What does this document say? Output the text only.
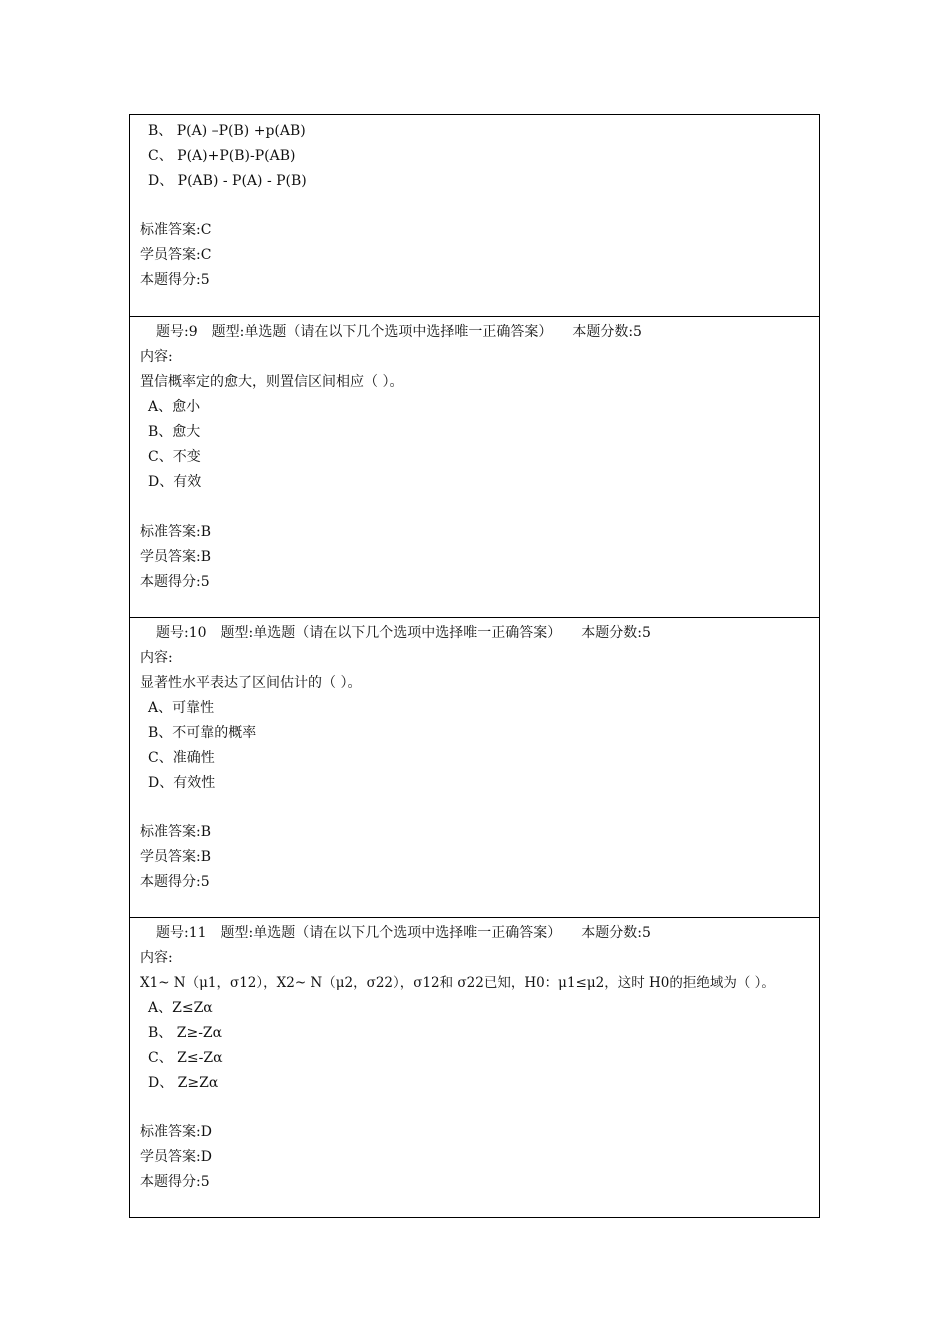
B、 P(A) –P(B) +p(AB)
C、 P(A)+P(B)-P(AB)
D、 P(AB) - P(A) - P(B)
标准答案:C
学员答案:C
本题得分:5
题号:9 题型:单选题（请在以下几个选项中选择唯一正确答案） 本题分数:5
内容:
置信概率定的愈大，则置信区间相应（ ）。
A、愈小
B、愈大
C、不变
D、有效
标准答案:B
学员答案:B
本题得分:5
题号:10 题型:单选题（请在以下几个选项中选择唯一正确答案） 本题分数:5
内容:
显著性水平表达了区间估计的（ ）。
A、可靠性
B、不可靠的概率
C、准确性
D、有效性
标准答案:B
学员答案:B
本题得分:5
题号:11 题型:单选题（请在以下几个选项中选择唯一正确答案） 本题分数:5
内容:
X1~ N（μ1，σ12），X2~ N（μ2，σ22），σ12和 σ22已知，H0：μ1≤μ2，这时 H0的拒绝域为（ ）。
A、Z≤Zα
B、 Z≥-Zα
C、 Z≤-Zα
D、 Z≥Zα
标准答案:D
学员答案:D
本题得分:5
